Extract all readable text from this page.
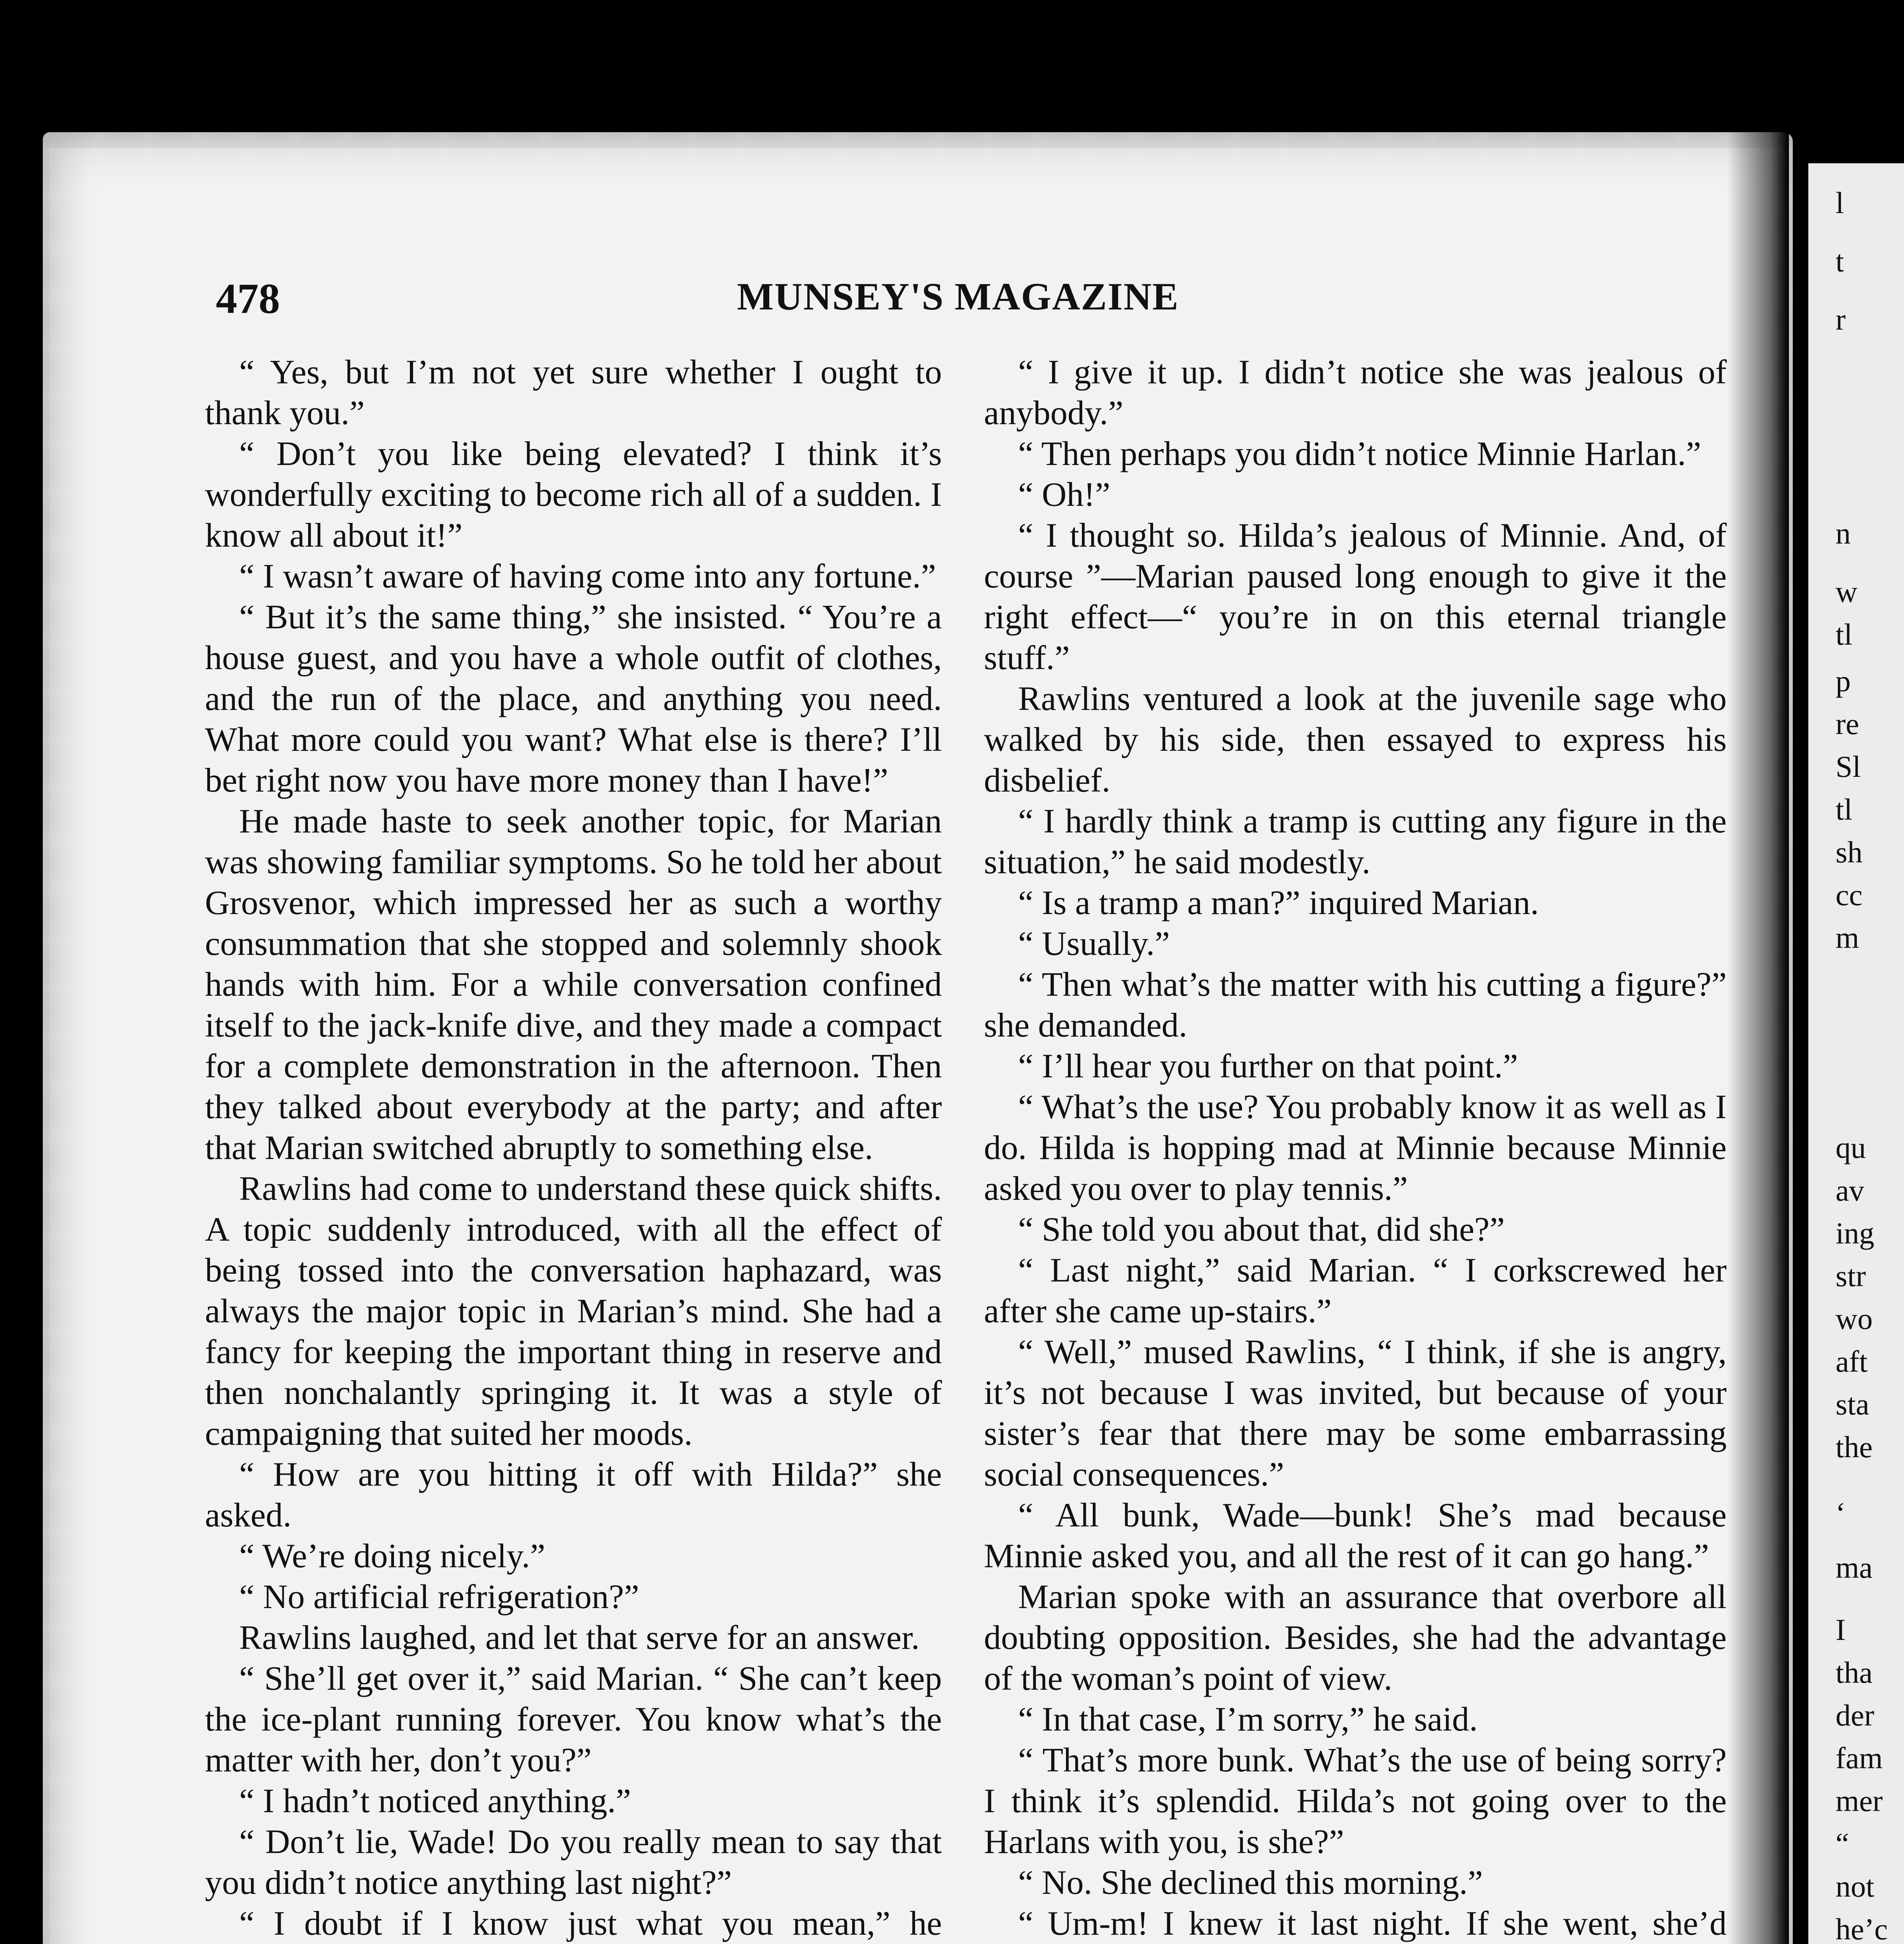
l
t
r
n
w
tl
p
re
Sl
tl
sh
cc
m
qu
av
ing
str
wo
aft
sta
the
‘
ma
I
tha
der
fam
mer
“
not
he’c
478	MUNSEY'S MAGAZINE

“ Yes, but I’m not yet sure whether I ought to thank you.”

“ Don’t you like being elevated? I think it’s wonderfully exciting to become rich all of a sudden. I know all about it!”

“ I wasn’t aware of having come into any fortune.”

“ But it’s the same thing,” she insisted. “ You’re a house guest, and you have a whole outfit of clothes, and the run of the place, and anything you need. What more could you want? What else is there? I’ll bet right now you have more money than I have!”

He made haste to seek another topic, for Marian was showing familiar symptoms. So he told her about Grosvenor, which impressed her as such a worthy consummation that she stopped and solemnly shook hands with him. For a while conversation confined itself to the jack-knife dive, and they made a compact for a complete demonstration in the afternoon. Then they talked about everybody at the party; and after that Marian switched abruptly to something else.

Rawlins had come to understand these quick shifts. A topic suddenly introduced, with all the effect of being tossed into the conversation haphazard, was always the major topic in Marian’s mind. She had a fancy for keeping the important thing in reserve and then nonchalantly springing it. It was a style of campaigning that suited her moods.

“ How are you hitting it off with Hilda?” she asked.

“ We’re doing nicely.”

“ No artificial refrigeration?”

Rawlins laughed, and let that serve for an answer.

“ She’ll get over it,” said Marian. “ She can’t keep the ice-plant running forever. You know what’s the matter with her, don’t you?”

“ I hadn’t noticed anything.”

“ Don’t lie, Wade! Do you really mean to say that you didn’t notice anything last night?”

“ I doubt if I know just what you mean,” he

“ I give it up. I didn’t notice she was jealous of anybody.”

“ Then perhaps you didn’t notice Minnie Harlan.”

“ Oh!”

“ I thought so. Hilda’s jealous of Minnie. And, of course ”—Marian paused long enough to give it the right effect—“ you’re in on this eternal triangle stuff.”

Rawlins ventured a look at the juvenile sage who walked by his side, then essayed to express his disbelief.

“ I hardly think a tramp is cutting any figure in the situation,” he said modestly.

“ Is a tramp a man?” inquired Marian.

“ Usually.”

“ Then what’s the matter with his cutting a figure?” she demanded.

“ I’ll hear you further on that point.”

“ What’s the use? You probably know it as well as I do. Hilda is hopping mad at Minnie because Minnie asked you over to play tennis.”

“ She told you about that, did she?”

“ Last night,” said Marian. “ I corkscrewed her after she came up-stairs.”

“ Well,” mused Rawlins, “ I think, if she is angry, it’s not because I was invited, but because of your sister’s fear that there may be some embarrassing social consequences.”

“ All bunk, Wade—bunk! She’s mad because Minnie asked you, and all the rest of it can go hang.”

Marian spoke with an assurance that overbore all doubting opposition. Besides, she had the advantage of the woman’s point of view.

“ In that case, I’m sorry,” he said.

“ That’s more bunk. What’s the use of being sorry? I think it’s splendid. Hilda’s not going over to the Harlans with you, is she?”

“ No. She declined this morning.”

“ Um-m! I knew it last night. If she went, she’d
